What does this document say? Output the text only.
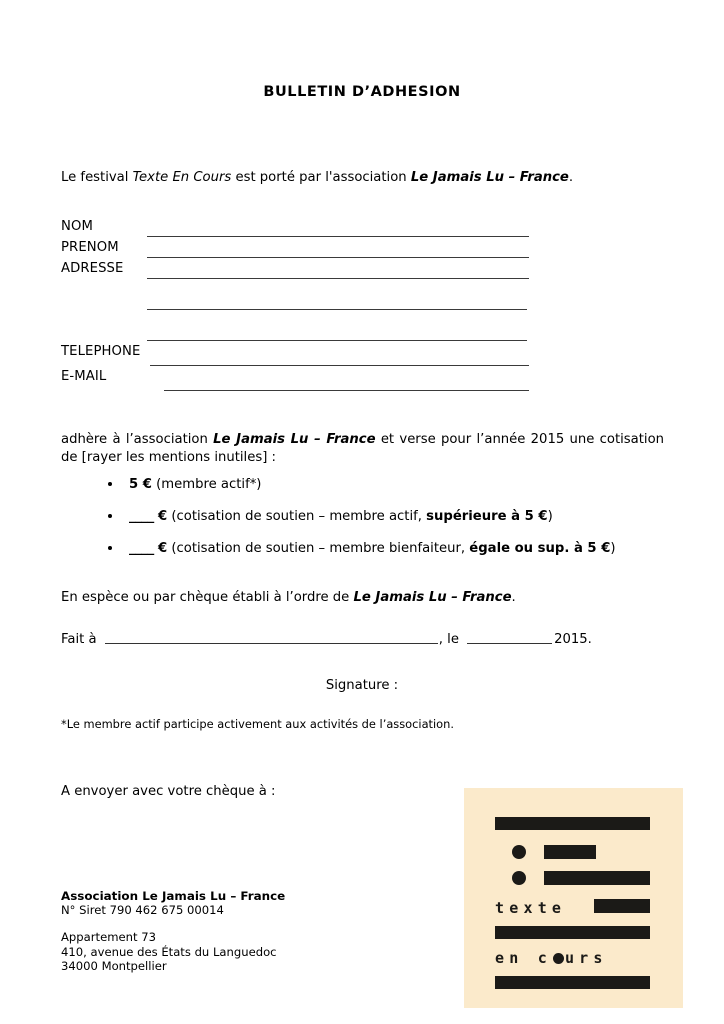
BULLETIN D’ADHESION
Le festival Texte En Cours est porté par l'association Le Jamais Lu – France.
NOM
PRENOM
ADRESSE
TELEPHONE
E-MAIL
adhère à l’association Le Jamais Lu – France et verse pour l’année 2015 une cotisation de [rayer les mentions inutiles] :
5 € (membre actif*)
____ € (cotisation de soutien – membre actif, supérieure à 5 €)
____ € (cotisation de soutien – membre bienfaiteur, égale ou sup. à 5 €)
En espèce ou par chèque établi à l’ordre de Le Jamais Lu – France.
Fait à	, le	2015.
Signature :
*Le membre actif participe activement aux activités de l’association.
A envoyer avec votre chèque à :
Association Le Jamais Lu – France
N° Siret 790 462 675 00014
Appartement 73
410, avenue des États du Languedoc
34000 Montpellier
texte
en c urs
